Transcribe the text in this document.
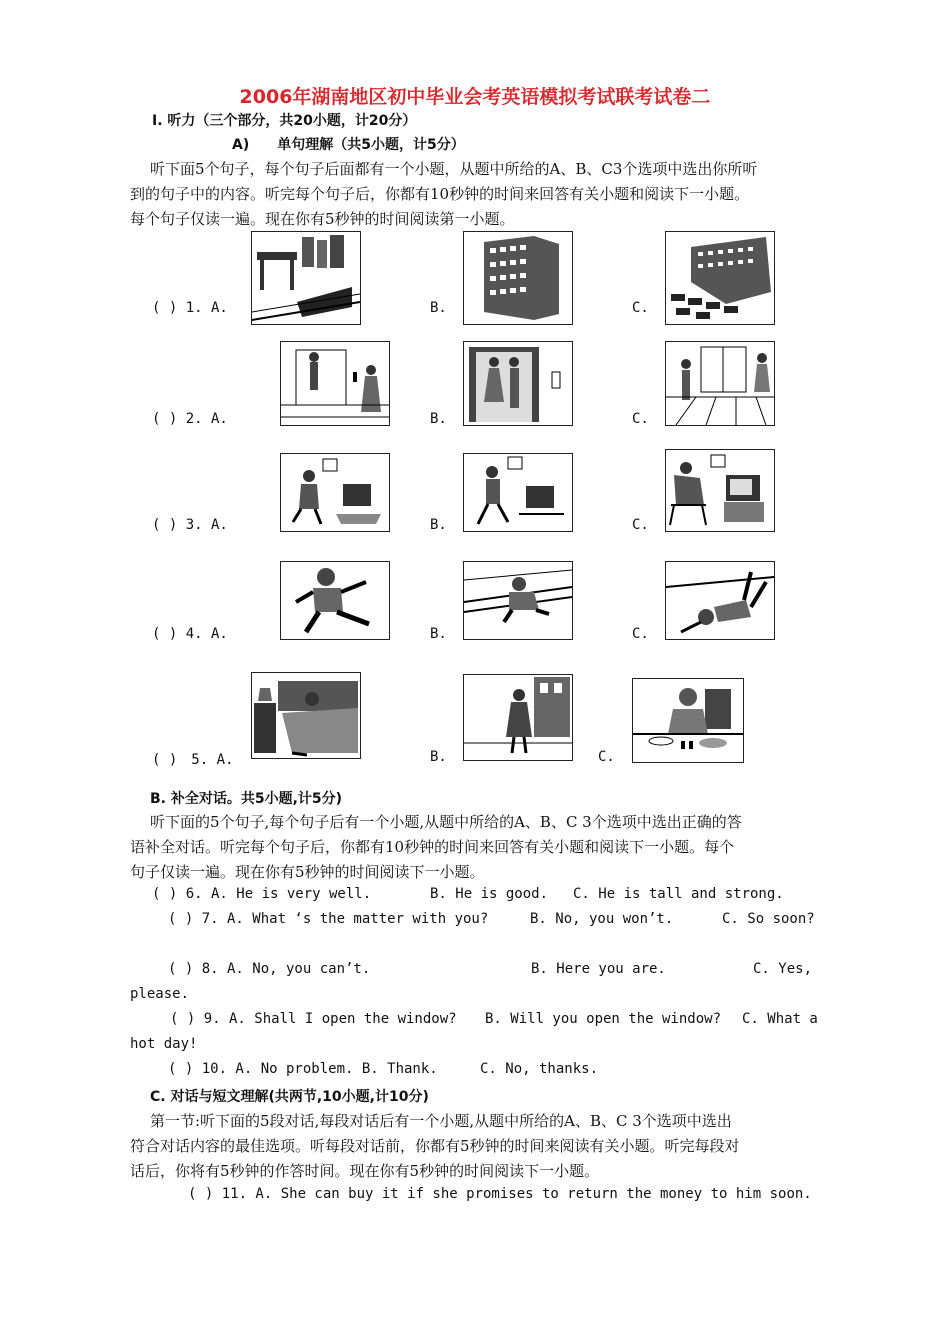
2006年湖南地区初中毕业会考英语模拟考试联考试卷二
Ⅰ. 听力（三个部分，共20小题，计20分）
A)　　单句理解（共5小题，计5分）
听下面5个句子，每个句子后面都有一个小题，从题中所给的A、B、C3个选项中选出你所听
到的句子中的内容。听完每个句子后，你都有10秒钟的时间来回答有关小题和阅读下一小题。
每个句子仅读一遍。现在你有5秒钟的时间阅读第一小题。
( ) 1. A.	B.	C.
( ) 2. A.	B.	C.
( ) 3. A.	B.	C.
( ) 4. A.	B.	C.
( )　5. A.	B.	C.
B. 补全对话。共5小题,计5分)
听下面的5个句子,每个句子后有一个小题,从题中所给的A、B、C 3个选项中选出正确的答
语补全对话。听完每个句子后，你都有10秒钟的时间来回答有关小题和阅读下一小题。每个
句子仅读一遍。现在你有5秒钟的时间阅读下一小题。
( ) 6. A. He is very well.	B. He is good. C. He is tall and strong.
( ) 7. A. What ‘s the matter with you?	B. No, you won’t.	C. So soon?
( ) 8. A. No, you can’t.	B. Here you are.	C. Yes,
please.
( ) 9. A. Shall I open the window? B. Will you open the window? C. What a
hot day!
( ) 10. A. No problem. B. Thank.	C. No, thanks.
C. 对话与短文理解(共两节,10小题,计10分)
第一节:听下面的5段对话,每段对话后有一个小题,从题中所给的A、B、C 3个选项中选出
符合对话内容的最佳选项。听每段对话前，你都有5秒钟的时间来阅读有关小题。听完每段对
话后，你将有5秒钟的作答时间。现在你有5秒钟的时间阅读下一小题。
( ) 11. A. She can buy it if she promises to return the money to him soon.
